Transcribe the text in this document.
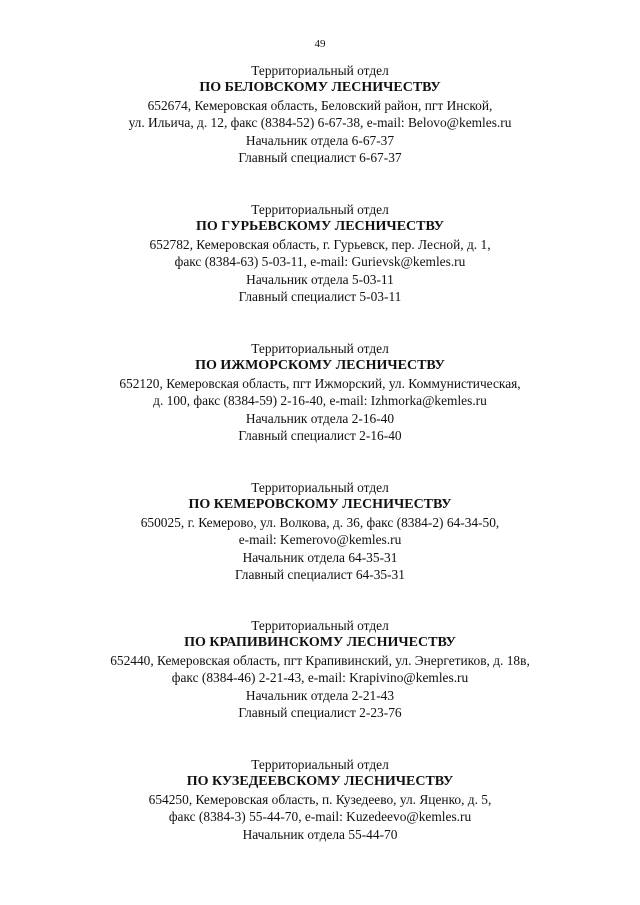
49
Территориальный отдел
ПО БЕЛОВСКОМУ ЛЕСНИЧЕСТВУ
652674, Кемеровская область, Беловский район, пгт Инской,
ул. Ильича, д. 12, факс (8384-52) 6-67-38, e-mail: Belovo@kemles.ru
Начальник отдела 6-67-37
Главный специалист 6-67-37
Территориальный отдел
ПО ГУРЬЕВСКОМУ ЛЕСНИЧЕСТВУ
652782, Кемеровская область, г. Гурьевск, пер. Лесной, д. 1,
факс (8384-63) 5-03-11, e-mail: Gurievsk@kemles.ru
Начальник отдела 5-03-11
Главный специалист 5-03-11
Территориальный отдел
ПО ИЖМОРСКОМУ ЛЕСНИЧЕСТВУ
652120, Кемеровская область, пгт Ижморский, ул. Коммунистическая,
д. 100, факс (8384-59) 2-16-40, e-mail: Izhmorka@kemles.ru
Начальник отдела 2-16-40
Главный специалист 2-16-40
Территориальный отдел
ПО КЕМЕРОВСКОМУ ЛЕСНИЧЕСТВУ
650025, г. Кемерово, ул. Волкова, д. 36, факс (8384-2) 64-34-50,
e-mail: Kemerovo@kemles.ru
Начальник отдела 64-35-31
Главный специалист 64-35-31
Территориальный отдел
ПО КРАПИВИНСКОМУ ЛЕСНИЧЕСТВУ
652440, Кемеровская область, пгт Крапивинский, ул. Энергетиков, д. 18в,
факс (8384-46) 2-21-43, e-mail: Krapivino@kemles.ru
Начальник отдела 2-21-43
Главный специалист 2-23-76
Территориальный отдел
ПО КУЗЕДЕЕВСКОМУ ЛЕСНИЧЕСТВУ
654250, Кемеровская область, п. Кузедеево, ул. Яценко, д. 5,
факс (8384-3) 55-44-70, e-mail: Kuzedeevo@kemles.ru
Начальник отдела 55-44-70
